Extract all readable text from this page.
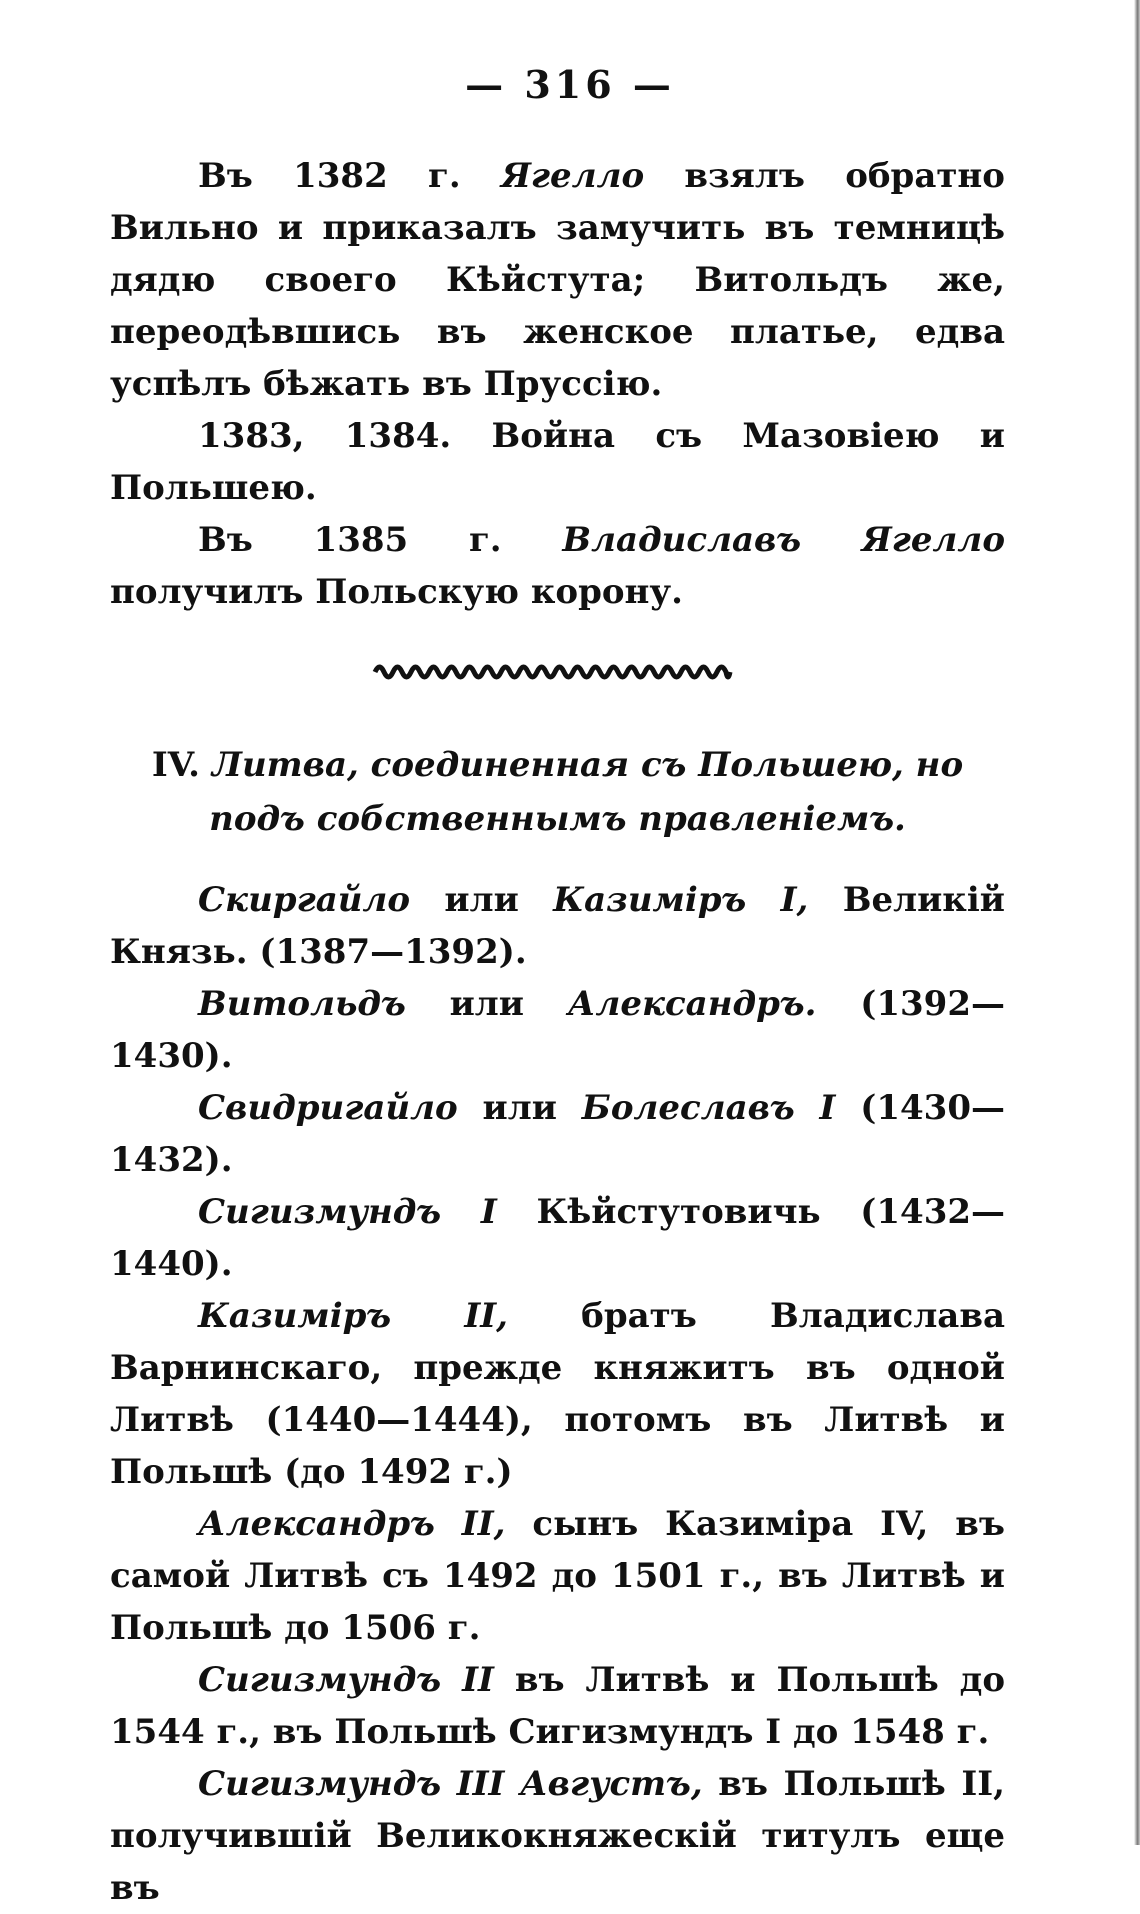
— 316 —

Въ 1382 г. Ягелло взялъ обратно Вильно и приказалъ замучить въ темницѣ дядю своего Кѣйстута; Витольдъ же, переодѣвшись въ женское платье, едва успѣлъ бѣжать въ Пруссію.

1383, 1384. Война съ Мазовіею и Польшею.

Въ 1385 г. Владиславъ Ягелло получилъ Польскую корону.

IV. Литва, соединенная съ Польшею, но подъ собственнымъ правленіемъ.

Скиргайло или Казиміръ I, Великій Князь. (1387—1392).

Витольдъ или Александръ. (1392—1430).

Свидригайло или Болеславъ I (1430—1432).

Сигизмундъ I Кѣйстутовичь (1432—1440).

Казиміръ II, братъ Владислава Варнинскаго, прежде княжитъ въ одной Литвѣ (1440—1444), потомъ въ Литвѣ и Польшѣ (до 1492 г.)

Александръ II, сынъ Казиміра IV, въ самой Литвѣ съ 1492 до 1501 г., въ Литвѣ и Польшѣ до 1506 г.

Сигизмундъ II въ Литвѣ и Польшѣ до 1544 г., въ Польшѣ Сигизмундъ I до 1548 г.

Сигизмундъ III Августъ, въ Польшѣ II, получившій Великокняжескій титулъ еще въ
